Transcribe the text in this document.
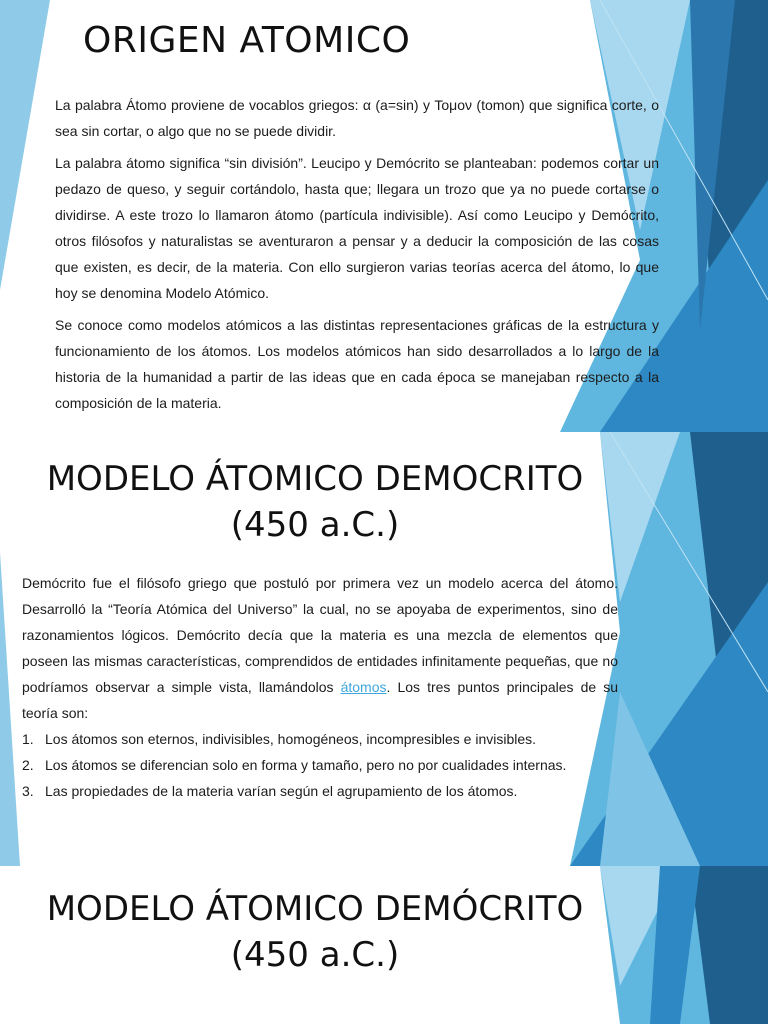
ORIGEN ATOMICO

La palabra Átomo proviene de vocablos griegos: α (a=sin) y Τομον (tomon) que significa corte, o sea sin cortar, o algo que no se puede dividir.

La palabra átomo significa “sin división”. Leucipo y Demócrito se planteaban: podemos cortar un pedazo de queso, y seguir cortándolo, hasta que; llegara un trozo que ya no puede cortarse o dividirse. A este trozo lo llamaron átomo (partícula indivisible). Así como Leucipo y Demócrito, otros filósofos y naturalistas se aventuraron a pensar y a deducir la composición de las cosas que existen, es decir, de la materia. Con ello surgieron varias teorías acerca del átomo, lo que hoy se denomina Modelo Atómico.

Se conoce como modelos atómicos a las distintas representaciones gráficas de la estructura y funcionamiento de los átomos. Los modelos atómicos han sido desarrollados a lo largo de la historia de la humanidad a partir de las ideas que en cada época se manejaban respecto a la composición de la materia.

MODELO ÁTOMICO DEMOCRITO
(450 a.C.)

Demócrito fue el filósofo griego que postuló por primera vez un modelo acerca del átomo. Desarrolló la “Teoría Atómica del Universo” la cual, no se apoyaba de experimentos, sino de razonamientos lógicos. Demócrito decía que la materia es una mezcla de elementos que poseen las mismas características, comprendidos de entidades infinitamente pequeñas, que no podríamos observar a simple vista, llamándolos átomos. Los tres puntos principales de su teoría son:

1. Los átomos son eternos, indivisibles, homogéneos, incompresibles e invisibles.
2. Los átomos se diferencian solo en forma y tamaño, pero no por cualidades internas.
3. Las propiedades de la materia varían según el agrupamiento de los átomos.
MODELO ÁTOMICO DEMÓCRITO
(450 a.C.)
